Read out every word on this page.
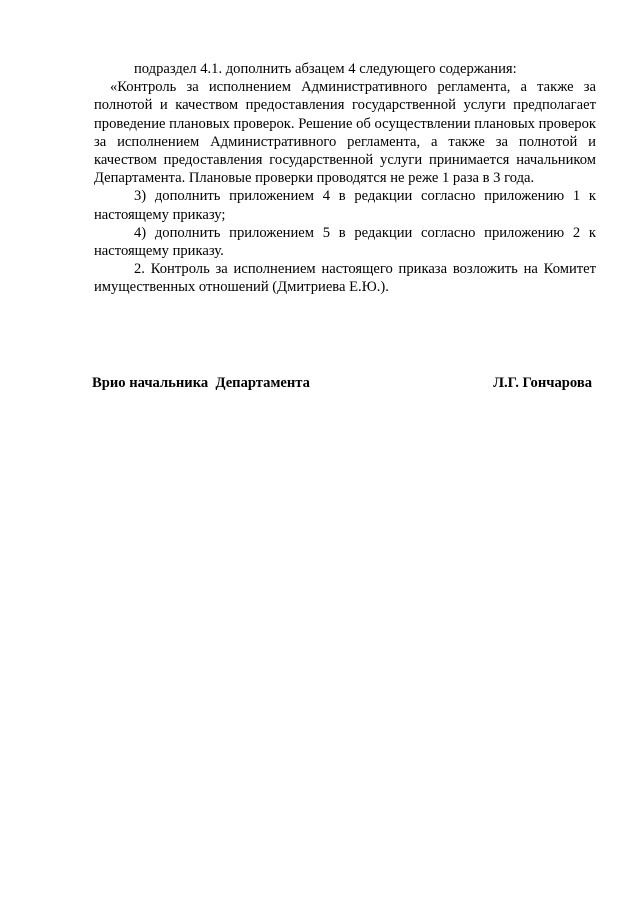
подраздел 4.1. дополнить абзацем 4 следующего содержания:

«Контроль за исполнением Административного регламента, а также за полнотой и качеством предоставления государственной услуги предполагает проведение плановых проверок. Решение об осуществлении плановых проверок за исполнением Административного регламента, а также за полнотой и качеством предоставления государственной услуги принимается начальником Департамента. Плановые проверки проводятся не реже 1 раза в 3 года.

3) дополнить приложением 4 в редакции согласно приложению 1 к настоящему приказу;

4) дополнить приложением 5 в редакции согласно приложению 2 к настоящему приказу.

2. Контроль за исполнением настоящего приказа возложить на Комитет имущественных отношений (Дмитриева Е.Ю.).

Врио начальника  Департамента	Л.Г. Гончарова
